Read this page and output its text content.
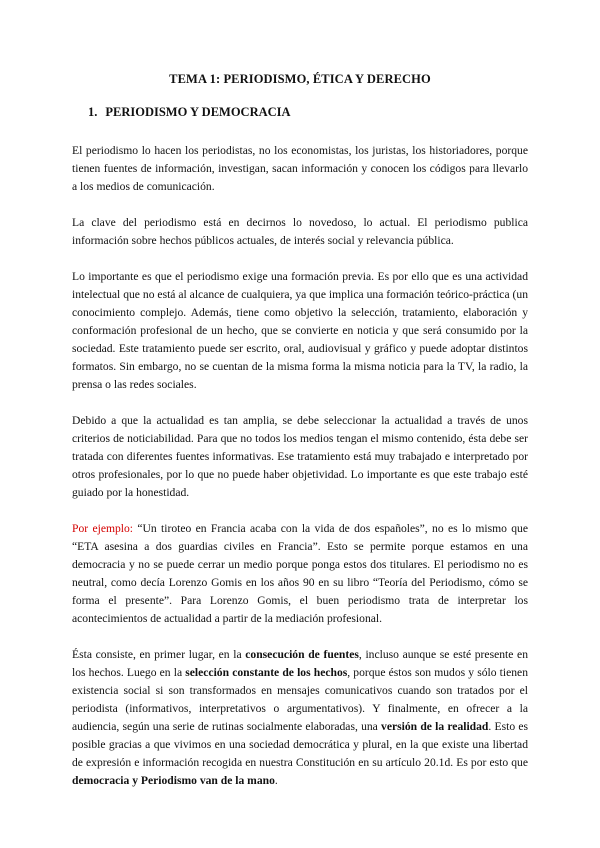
TEMA 1: PERIODISMO, ÉTICA Y DERECHO
1. PERIODISMO Y DEMOCRACIA

El periodismo lo hacen los periodistas, no los economistas, los juristas, los historiadores, porque tienen fuentes de información, investigan, sacan información y conocen los códigos para llevarlo a los medios de comunicación.

La clave del periodismo está en decirnos lo novedoso, lo actual. El periodismo publica información sobre hechos públicos actuales, de interés social y relevancia pública.

Lo importante es que el periodismo exige una formación previa. Es por ello que es una actividad intelectual que no está al alcance de cualquiera, ya que implica una formación teórico-práctica (un conocimiento complejo. Además, tiene como objetivo la selección, tratamiento, elaboración y conformación profesional de un hecho, que se convierte en noticia y que será consumido por la sociedad. Este tratamiento puede ser escrito, oral, audiovisual y gráfico y puede adoptar distintos formatos. Sin embargo, no se cuentan de la misma forma la misma noticia para la TV, la radio, la prensa o las redes sociales.

Debido a que la actualidad es tan amplia, se debe seleccionar la actualidad a través de unos criterios de noticiabilidad. Para que no todos los medios tengan el mismo contenido, ésta debe ser tratada con diferentes fuentes informativas. Ese tratamiento está muy trabajado e interpretado por otros profesionales, por lo que no puede haber objetividad. Lo importante es que este trabajo esté guiado por la honestidad.

Por ejemplo: “Un tiroteo en Francia acaba con la vida de dos españoles”, no es lo mismo que “ETA asesina a dos guardias civiles en Francia”. Esto se permite porque estamos en una democracia y no se puede cerrar un medio porque ponga estos dos titulares. El periodismo no es neutral, como decía Lorenzo Gomis en los años 90 en su libro “Teoría del Periodismo, cómo se forma el presente”. Para Lorenzo Gomis, el buen periodismo trata de interpretar los acontecimientos de actualidad a partir de la mediación profesional.

Ésta consiste, en primer lugar, en la consecución de fuentes, incluso aunque se esté presente en los hechos. Luego en la selección constante de los hechos, porque éstos son mudos y sólo tienen existencia social si son transformados en mensajes comunicativos cuando son tratados por el periodista (informativos, interpretativos o argumentativos). Y finalmente, en ofrecer a la audiencia, según una serie de rutinas socialmente elaboradas, una versión de la realidad. Esto es posible gracias a que vivimos en una sociedad democrática y plural, en la que existe una libertad de expresión e información recogida en nuestra Constitución en su artículo 20.1d. Es por esto que democracia y Periodismo van de la mano.
